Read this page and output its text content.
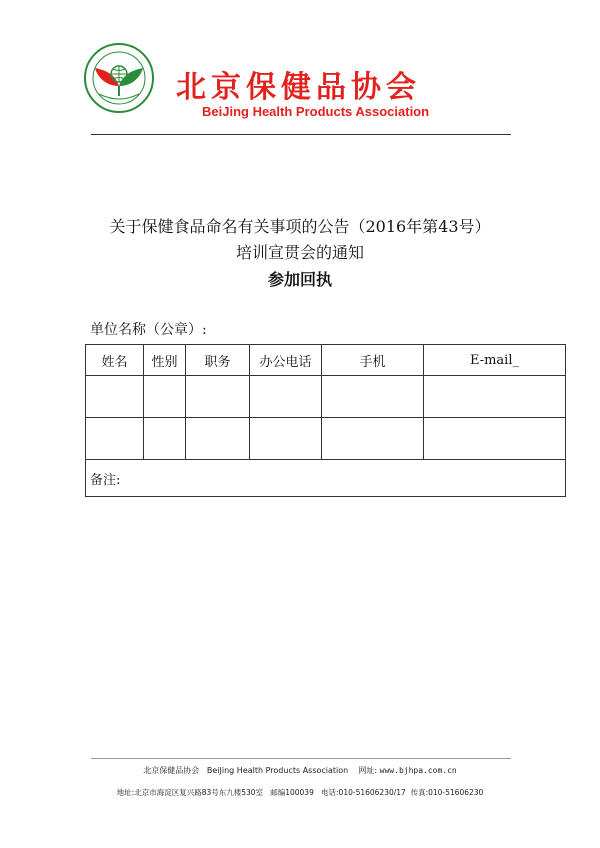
北京保健品协会
BeiJing Health Products Association
关于保健食品命名有关事项的公告（2016年第43号）
培训宣贯会的通知
参加回执
单位名称（公章）:
姓名	性别	职务	办公电话	手机	E-mail_

备注:					
北京保健品协会 BeiJing Health Products Association 网址: www.bjhpa.com.cn
地址:北京市海淀区复兴路83号东九楼530室 邮编100039 电话:010-51606230/17 传真:010-51606230
